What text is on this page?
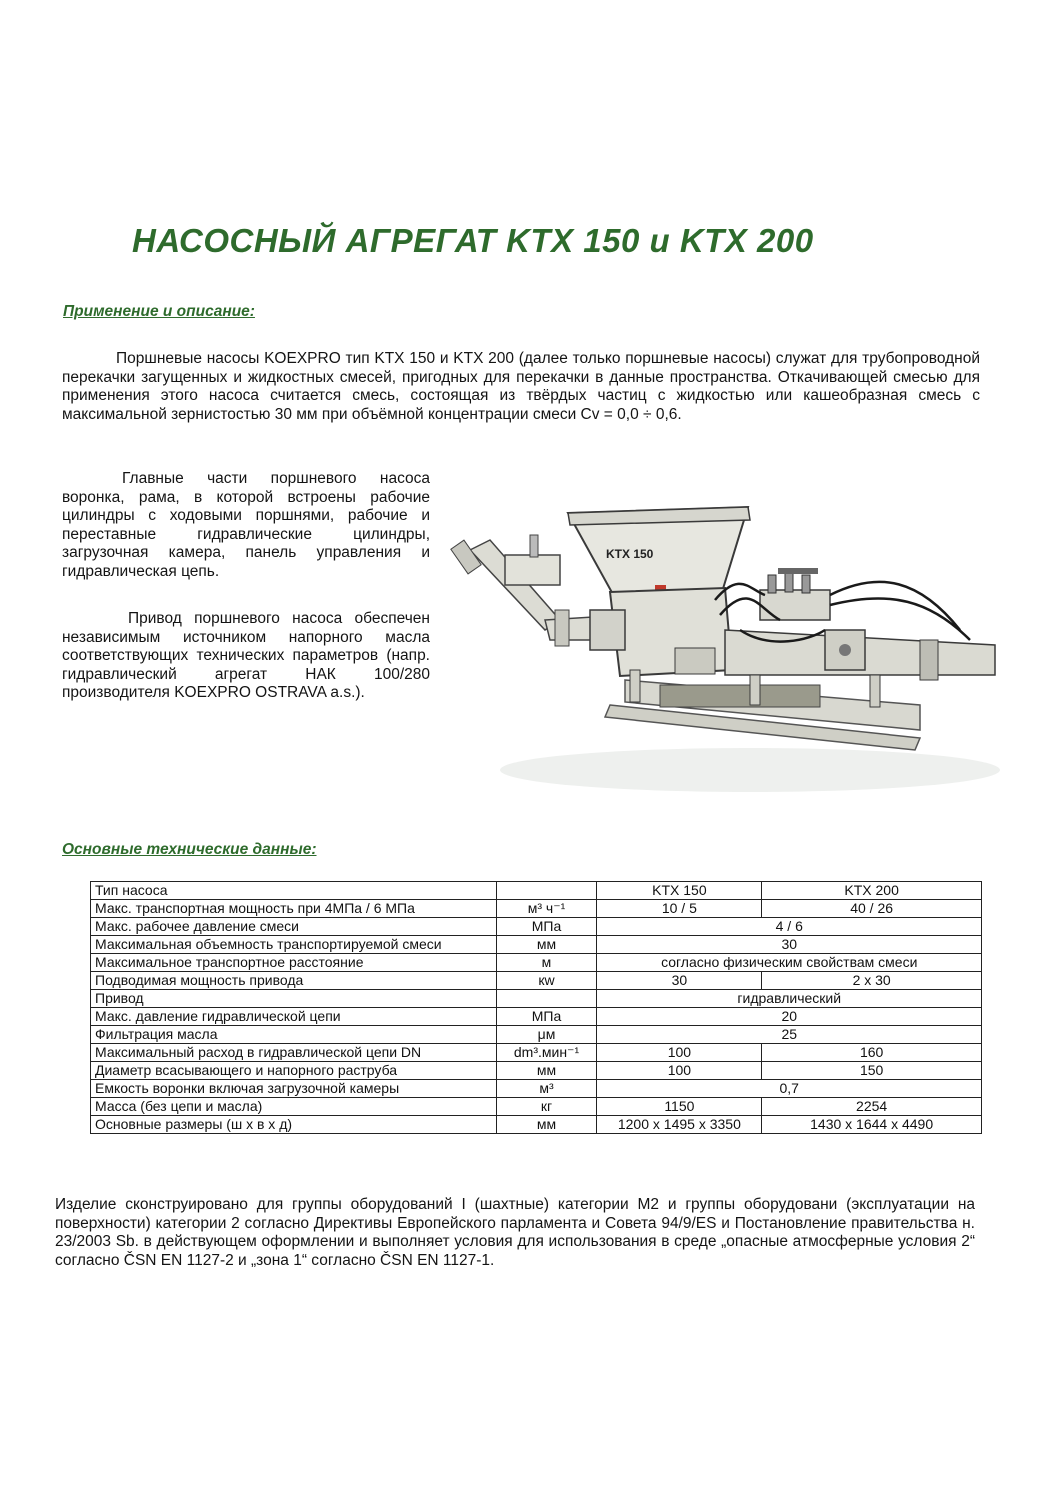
НАСОСНЫЙ АГРЕГАТ KTX 150 и KTX 200
Применение и описание:
Поршневые насосы KOEXPRO тип KTX 150 и KTX 200 (далее только поршневые насосы) служат для трубопроводной перекачки загущенных и жидкостных смесей, пригодных для перекачки в данные пространства. Откачивающей смесью для применения этого насоса считается смесь, состоящая из твёрдых частиц с жидкостью или кашеобразная смесь с максимальной зернистостью 30 мм при объёмной концентрации смеси Cv = 0,0 ÷ 0,6.
Главные части поршневого насоса воронка, рама, в которой встроены рабочие цилиндры с ходовыми поршнями, рабочие и переставные гидравлические цилиндры, загрузочная камера, панель управления и гидравлическая цепь.
Привод поршневого насоса обеспечен независимым источником напорного масла соответствующих технических параметров (напр. гидравлический агрегат НАК 100/280 производителя KOEXPRO OSTRAVA a.s.).
KTX 150
Основные технические данные:
Тип насоса		KTX 150	KTX 200
Макс. транспортная мощность при 4МПа / 6 МПа	м³ ч⁻¹	10 / 5	40 / 26
Макс. рабочее давление смеси	МПа	4 / 6	
Максимальная объемность транспортируемой смеси	мм	30	
Максимальное транспортное расстояние	м	согласно физическим свойствам смеси	
Подводимая мощность привода	кw	30	2 x 30
Привод		гидравлический	
Макс. давление гидравлической цепи	МПа	20	
Фильтрация масла	μм	25	
Максимальный расход в гидравлической цепи DN	dm³.мин⁻¹	100	160
Диаметр всасывающего и напорного раструба	мм	100	150
Емкость воронки включая загрузочной камеры	м³	0,7	
Масса (без цепи и масла)	кг	1150	2254
Основные размеры (ш x в x д)	мм	1200 x 1495 x 3350	1430 x 1644 x 4490
Изделие сконструировано для группы оборудований I (шахтные) категории M2 и группы оборудовани (эксплуатации на поверхности) категории 2 согласно Директивы Европейского парламента и Совета 94/9/ES и Постановление правительства н. 23/2003 Sb. в действующем оформлении и выполняет условия для использования в среде „опасные атмосферные условия 2“ согласно ČSN EN 1127-2 и „зона 1“ согласно ČSN EN 1127-1.
